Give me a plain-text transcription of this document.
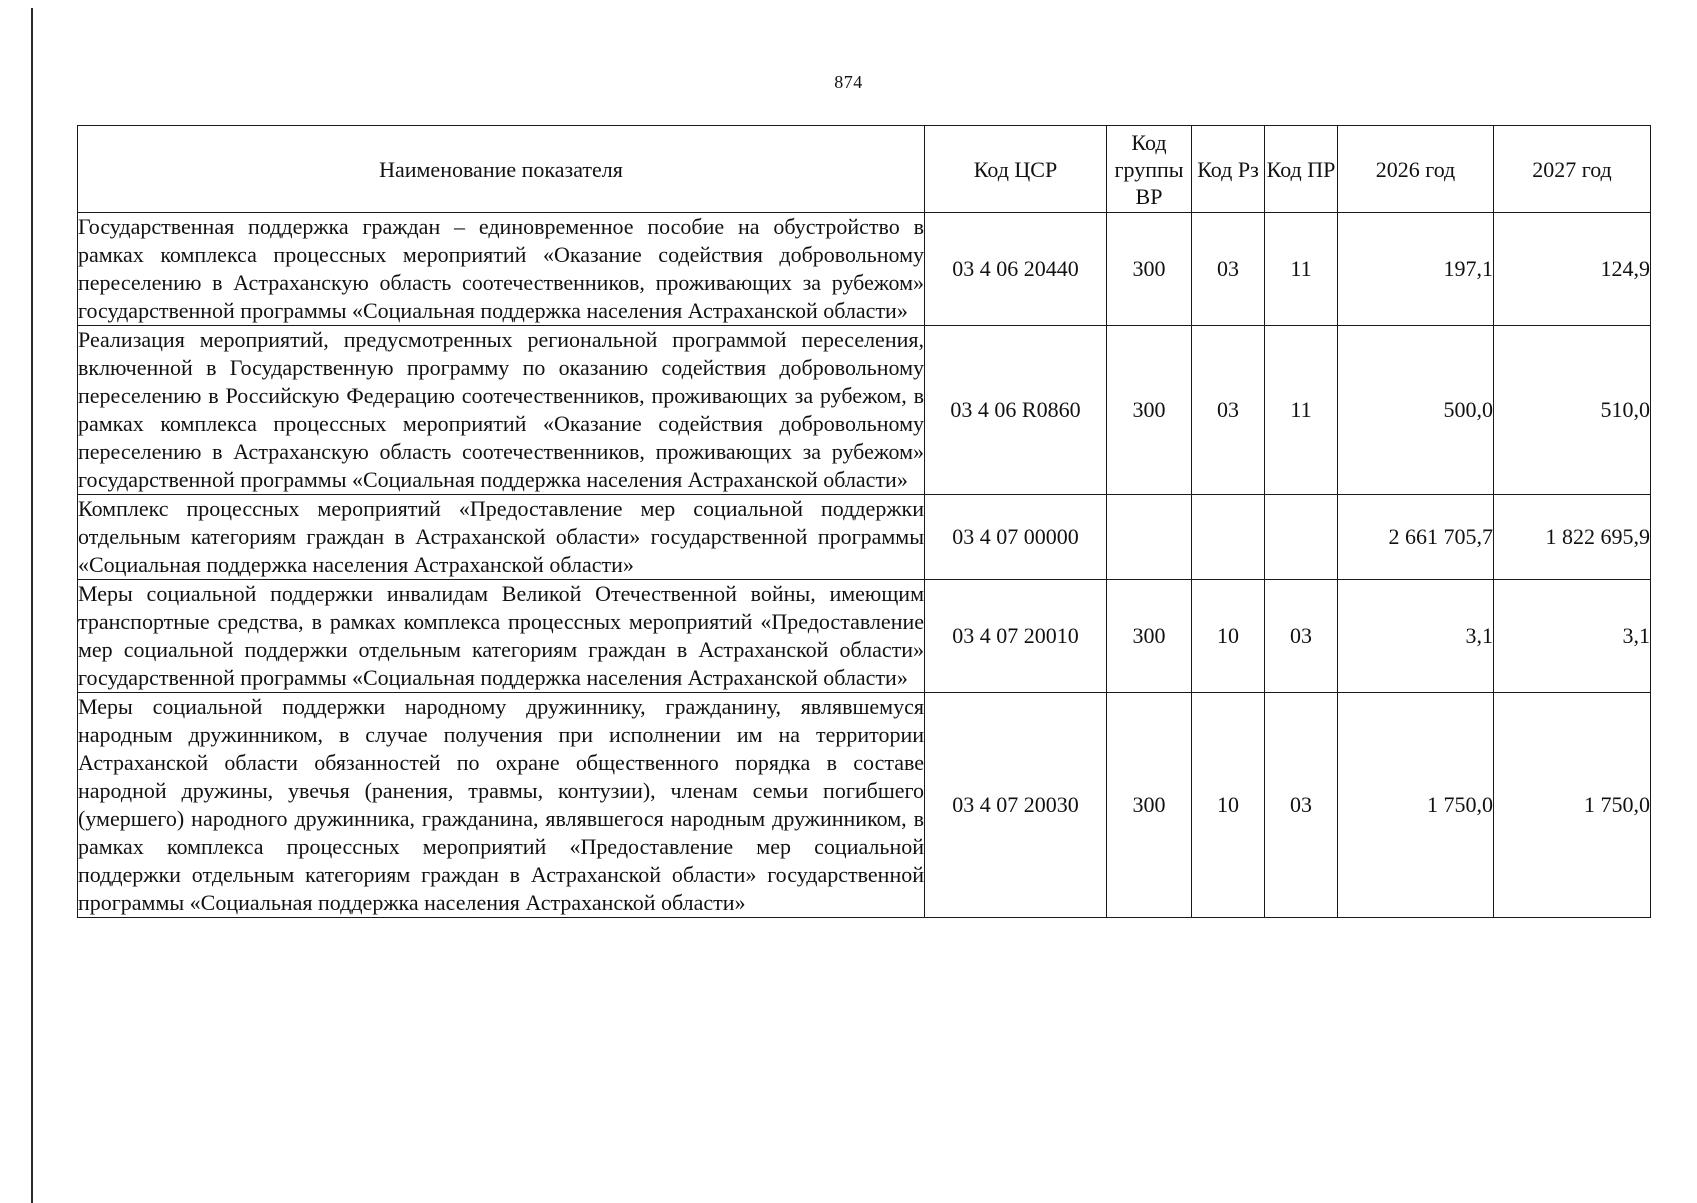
874
Наименование показателя	Код ЦСР	Код группы ВР	Код Рз	Код ПР	2026 год	2027 год
Государственная поддержка граждан – единовременное пособие на обустройство в рамках комплекса процессных мероприятий «Оказание содействия добровольному переселению в Астраханскую область соотечественников, проживающих за рубежом» государственной программы «Социальная поддержка населения Астраханской области»	03 4 06 20440	300	03	11	197,1	124,9
Реализация мероприятий, предусмотренных региональной программой переселения, включенной в Государственную программу по оказанию содействия добровольному переселению в Российскую Федерацию соотечественников, проживающих за рубежом, в рамках комплекса процессных мероприятий «Оказание содействия добровольному переселению в Астраханскую область соотечественников, проживающих за рубежом» государственной программы «Социальная поддержка населения Астраханской области»	03 4 06 R0860	300	03	11	500,0	510,0
Комплекс процессных мероприятий «Предоставление мер социальной поддержки отдельным категориям граждан в Астраханской области» государственной программы «Социальная поддержка населения Астраханской области»	03 4 07 00000				2 661 705,7	1 822 695,9
Меры социальной поддержки инвалидам Великой Отечественной войны, имеющим транспортные средства, в рамках комплекса процессных мероприятий «Предоставление мер социальной поддержки отдельным категориям граждан в Астраханской области» государственной программы «Социальная поддержка населения Астраханской области»	03 4 07 20010	300	10	03	3,1	3,1
Меры социальной поддержки народному дружиннику, гражданину, являвшемуся народным дружинником, в случае получения при исполнении им на территории Астраханской области обязанностей по охране общественного порядка в составе народной дружины, увечья (ранения, травмы, контузии), членам семьи погибшего (умершего) народного дружинника, гражданина, являвшегося народным дружинником, в рамках комплекса процессных мероприятий «Предоставление мер социальной поддержки отдельным категориям граждан в Астраханской области» государственной программы «Социальная поддержка населения Астраханской области»	03 4 07 20030	300	10	03	1 750,0	1 750,0
